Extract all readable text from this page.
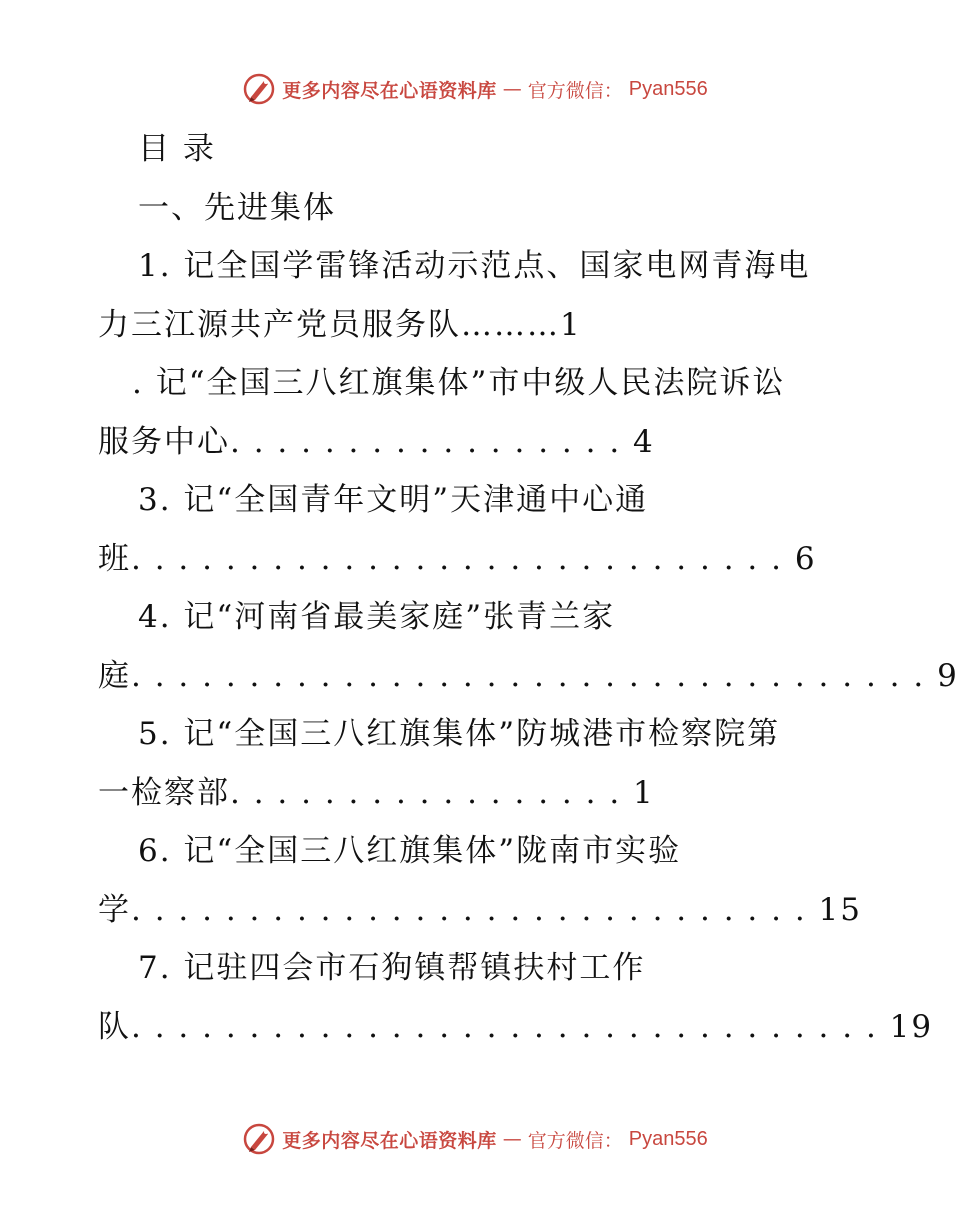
更多内容尽在心语资料库 — 官方微信： Pyan556
目 录
一、先进集体
1. 记全国学雷锋活动示范点、国家电网青海电
力三江源共产党员服务队………1
. 记“全国三八红旗集体”市中级人民法院诉讼
服务中心. . . . . . . . . . . . . . . . . 4
3. 记“全国青年文明”天津通中心通
班. . . . . . . . . . . . . . . . . . . . . . . . . . . . 6
4. 记“河南省最美家庭”张青兰家
庭. . . . . . . . . . . . . . . . . . . . . . . . . . . . . . . . . . 9
5. 记“全国三八红旗集体”防城港市检察院第
一检察部. . . . . . . . . . . . . . . . . 1
6. 记“全国三八红旗集体”陇南市实验
学. . . . . . . . . . . . . . . . . . . . . . . . . . . . . 15
7. 记驻四会市石狗镇帮镇扶村工作
队. . . . . . . . . . . . . . . . . . . . . . . . . . . . . . . . 19
更多内容尽在心语资料库 — 官方微信： Pyan556
